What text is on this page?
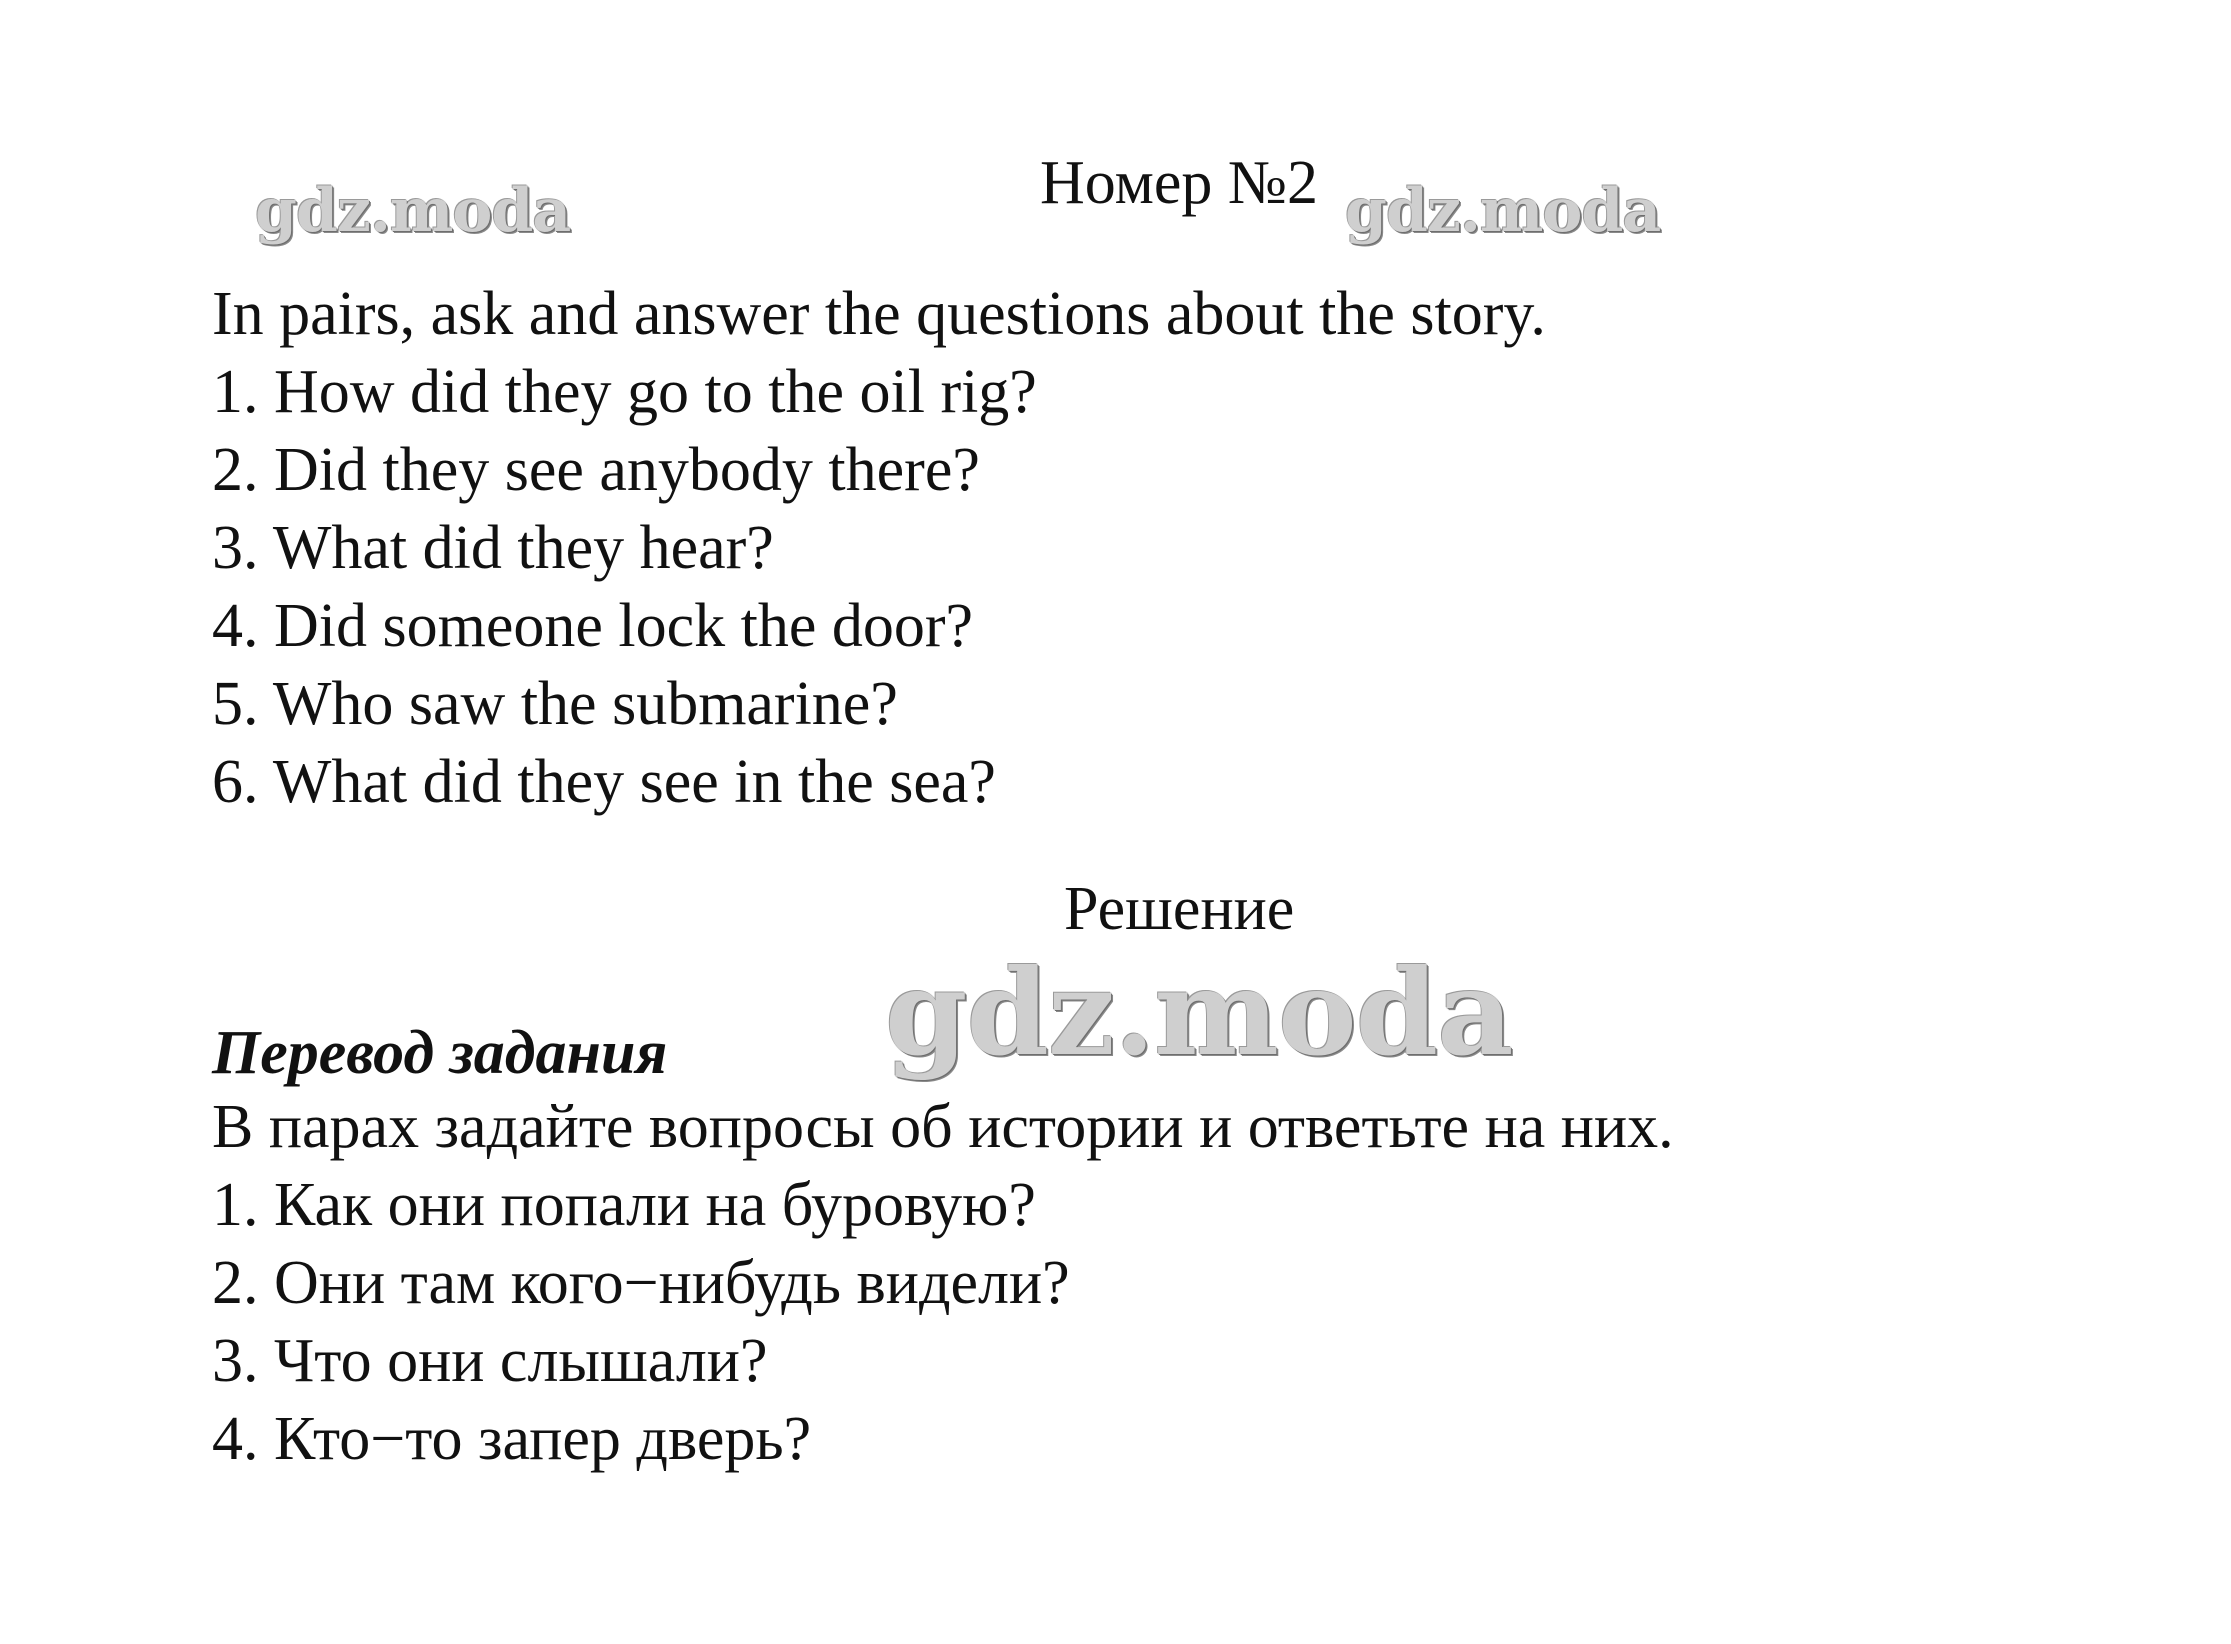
gdz.moda	Номер №2 gdz.moda
In pairs, ask and answer the questions about the story.
1. How did they go to the oil rig?
2. Did they see anybody there?
3. What did they hear?
4. Did someone lock the door?
5. Who saw the submarine?
6. What did they see in the sea?
Решение
gdz.moda
Перевод задания
В парах задайте вопросы об истории и ответьте на них.
1. Как они попали на буровую?
2. Они там кого−нибудь видели?
3. Что они слышали?
4. Кто−то запер дверь?
